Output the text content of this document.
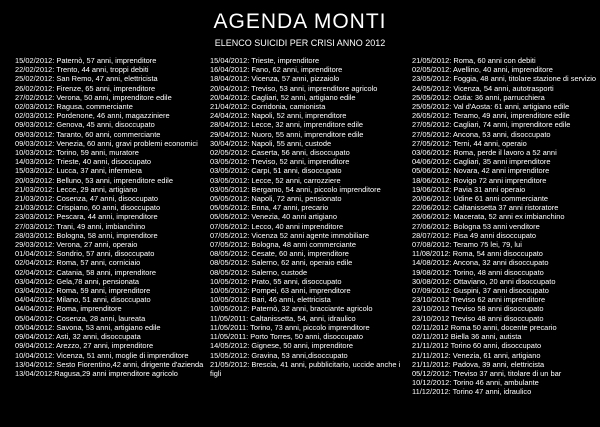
AGENDA MONTI
ELENCO SUICIDI PER CRISI ANNO 2012
15/02/2012: Paternò, 57 anni, imprenditore
22/02/2012: Trento, 44 anni, troppi debiti
25/02/2012: San Remo, 47 anni, elettricista
26/02/2012: Firenze, 65 anni, imprenditore
27/02/2012: Verona, 50 anni, imprenditore edile
02/03/2012: Ragusa, commerciante
02/03/2012: Pordenone, 46 anni, magazziniere
09/03/2012: Genova, 45 anni, disoccupato
09/03/2012: Taranto, 60 anni, commerciante
09/03/2012: Venezia, 60 anni, gravi problemi economici
10/03/2012: Torino, 59 anni, muratore
14/03/2012: Trieste, 40 anni, disoccupato
15/03/2012: Lucca, 37 anni, infermiera
20/03/2012: Belluno, 53 anni, imprenditore edile
21/03/2012: Lecce, 29 anni, artigiano
21/03/2012: Cosenza, 47 anni, disoccupato
21/03/2012: Crispiano, 60 anni, disoccupato
23/03/2012: Pescara, 44 anni, imprenditore
27/03/2012: Trani, 49 anni, imbianchino
28/03/2012: Bologna, 58 anni, imprenditore
29/03/2012: Verona, 27 anni, operaio
01/04/2012: Sondrio, 57 anni, disoccupato
02/04/2012: Roma, 57 anni, corniciaio
02/04/2012: Catania, 58 anni, imprenditore
03/04/2012: Gela,78 anni, pensionata
03/04/2012: Roma, 59 anni, imprenditore
04/04/2012: Milano, 51 anni, disoccupato
04/04/2012: Roma, imprenditore
05/04/2012: Cosenza, 28 anni, laureata
05/04/2012: Savona, 53 anni, artigiano edile
09/04/2012: Asti, 32 anni, disoccupata
09/04/2012: Arezzo, 27 anni, imprenditore
10/04/2012: Vicenza, 51 anni, moglie di imprenditore
13/04/2012: Sesto Fiorentino,42 anni, dirigente d'azienda
13/04/2012:Ragusa,29 anni imprenditore agricolo
15/04/2012: Trieste, imprenditore
16/04/2012: Fano, 62 anni, imprenditore
18/04/2012: Vicenza, 57 anni, pizzaiolo
20/04/2012: Treviso, 53 anni, imprenditore agricolo
20/04/2012: Cagliari, 52 anni, artigiano edile
21/04/2012: Corridonia, camionista
24/04/2012: Napoli, 52 anni, imprenditore
28/04/2012: Lecce, 32 anni, imprenditore edile
29/04/2012: Nuoro, 55 anni, imprenditore edile
30/04/2012: Napoli, 55 anni, custode
02/05/2012: Caserta, 56 anni, disoccupato
03/05/2012: Treviso, 52 anni, imprenditore
03/05/2012: Carpi, 51 anni, disoccupato
03/05/2012: Lecce, 52 anni, carrozziere
03/05/2012: Bergamo, 54 anni, piccolo imprenditore
05/05/2012: Napoli, 72 anni, pensionato
05/05/2012: Enna, 47 anni, precario
05/05/2012: Venezia, 40 anni artigiano
07/05/2012: Lecco, 40 anni imprenditore
07/05/2012: Vicenza 52 anni agente immobiliare
07/05/2012: Bologna, 48 anni commerciante
08/05/2012: Cesate, 60 anni, imprenditore
08/05/2012: Salerno, 62 anni, operaio edile
08/05/2012: Salerno, custode
10/05/2012: Prato, 55 anni, disoccupato
10/05/2012: Pompei, 63 anni, imprenditore
10/05/2012: Bari, 46 anni, elettricista
10/05/2012: Paternò, 32 anni, bracciante agricolo
11/05/2011: Caltanissetta, 54, anni, idraulico
11/05/2011: Torino, 73 anni, piccolo imprenditore
11/05/2011: Porto Torres, 50 anni, disoccupato
14/05/2012: Gignese, 50 anni, imprenditore
15/05/2012: Gravina, 53 anni,disoccupato
21/05/2012: Brescia, 41 anni, pubblicitario, uccide anche i figli
21/05/2012: Roma, 60 anni con debiti
02/05/2012: Avellino, 40 anni, imprenditore
23/05/2012: Foggia, 48 anni, titolare stazione di servizio
24/05/2012: Vicenza, 54 anni, autotrasporti
25/05/2012: Ostia: 36 anni, parrucchiera
25/05/2012: Val d'Aosta: 61 anni, artigiano edile
26/05/2012: Teramo, 49 anni, imprenditore edile
27/05/2012: Cagliari, 74 anni, imprenditore edile
27/05/2012: Ancona, 53 anni, disoccupato
27/05/2012: Terni, 44 anni, operaio
03/06/2012: Roma, perde il lavoro a 52 anni
04/06/2012: Cagliari, 35 anni imprenditore
05/06/2012: Novara, 42 anni imprenditore
18/06/2012: Rovigo 72 anni imprenditore
19/06/2012: Pavia 31 anni operaio
20/06/2012: Udine 61 anni commerciante
22/06/2012: Caltanissetta 37 anni ristoratore
26/06/2012: Macerata, 52 anni ex imbianchino
27/06/2012: Bologna 53 anni venditore
28/07/2012: Pisa 49 anni disoccupato
07/08/2012: Teramo 75 lei, 79, lui
11/08/2012: Roma, 54 anni disoccupato
14/08/2012: Ancona, 32 anni disoccupato
19/08/2012: Torino, 48 anni disoccupato
30/08/2012: Ottaviano, 20 anni disoccupato
07/09/2012: Guspini, 37 anni disoccupato
23/10/2012 Treviso 62 anni imprenditore
23/10/2012 Treviso 58 anni disoccupato
23/10/2012 Treviso 48 anni disoccupato
02/11/2012 Roma 50 anni, docente precario
02/11/2012 Biella 36 anni, autista
21/11/2012 Torino 60 anni, disoccupato
21/11/2012: Venezia, 61 anni, artigiano
21/11/2012: Padova, 39 anni, elettricista
05/12/2012: Treviso 37 anni, titolare di un bar
10/12/2012: Torino 46 anni, ambulante
11/12/2012: Torino 47 anni, idraulico
